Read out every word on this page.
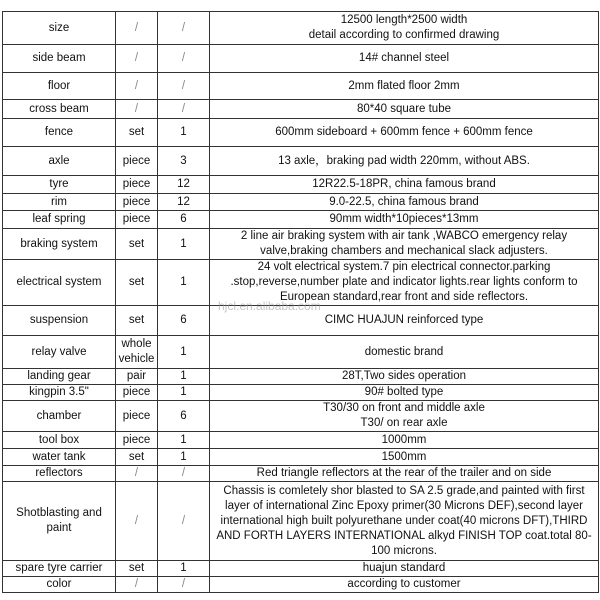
size	/	/	12500 length*2500 width
detail according to confirmed drawing
side beam	/	/	14# channel steel
floor	/	/	2mm flated floor 2mm
cross beam	/	/	80*40 square tube
fence	set	1	600mm sideboard + 600mm fence + 600mm fence
axle	piece	3	13 axle，braking pad width 220mm, without ABS.
tyre	piece	12	12R22.5-18PR, china famous brand
rim	piece	12	9.0-22.5, china famous brand
leaf spring	piece	6	90mm width*10pieces*13mm
braking system	set	1	2 line air braking system with air tank ,WABCO emergency relay valve,braking chambers and mechanical slack adjusters.
electrical system	set	1	24 volt electrical system.7 pin electrical connector.parking .stop,reverse,number plate and indicator lights.rear lights conform to European standard,rear front and side reflectors.
suspension	set	6	CIMC HUAJUN reinforced type
relay valve	whole vehicle	1	domestic brand
landing gear	pair	1	28T,Two sides operation
kingpin 3.5"	piece	1	90# bolted type
chamber	piece	6	T30/30 on front and middle axle
T30/ on rear axle
tool box	piece	1	1000mm
water tank	set	1	1500mm
reflectors	/	/	Red triangle reflectors at the rear of the trailer and on side
Shotblasting and paint	/	/	Chassis is comletely shor blasted to SA 2.5 grade,and painted with first layer of international Zinc Epoxy primer(30 Microns DEF),second layer international high built polyurethane under coat(40 microns DFT),THIRD AND FORTH LAYERS INTERNATIONAL alkyd FINISH TOP coat.total 80-100 microns.
spare tyre carrier	set	1	huajun standard
color	/	/	according to customer
hjcl.en.alibaba.com
